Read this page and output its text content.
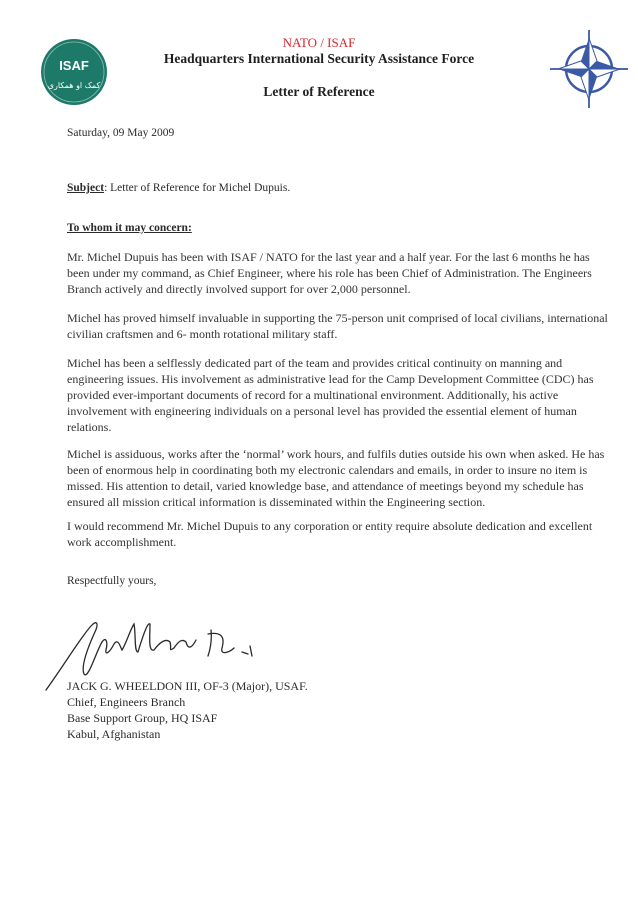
ISAF
کمک او همکاری
NATO / ISAF
Headquarters International Security Assistance Force
Letter of Reference
Saturday, 09 May 2009
Subject: Letter of Reference for Michel Dupuis.
To whom it may concern:
Mr. Michel Dupuis has been with ISAF / NATO for the last year and a half year. For the last 6 months he has been under my command, as Chief Engineer, where his role has been Chief of Administration. The Engineers Branch actively and directly involved support for over 2,000 personnel.
Michel has proved himself invaluable in supporting the 75-person unit comprised of local civilians, international civilian craftsmen and 6- month rotational military staff.
Michel has been a selflessly dedicated part of the team and provides critical continuity on manning and engineering issues. His involvement as administrative lead for the Camp Development Committee (CDC) has provided ever-important documents of record for a multinational environment. Additionally, his active involvement with engineering individuals on a personal level has provided the essential element of human relations.
Michel is assiduous, works after the ‘normal’ work hours, and fulfils duties outside his own when asked. He has been of enormous help in coordinating both my electronic calendars and emails, in order to insure no item is missed. His attention to detail, varied knowledge base, and attendance of meetings beyond my schedule has ensured all mission critical information is disseminated within the Engineering section.
I would recommend Mr. Michel Dupuis to any corporation or entity require absolute dedication and excellent work accomplishment.
Respectfully yours,
JACK G. WHEELDON III, OF-3 (Major), USAF.
Chief, Engineers Branch
Base Support Group, HQ ISAF
Kabul, Afghanistan
